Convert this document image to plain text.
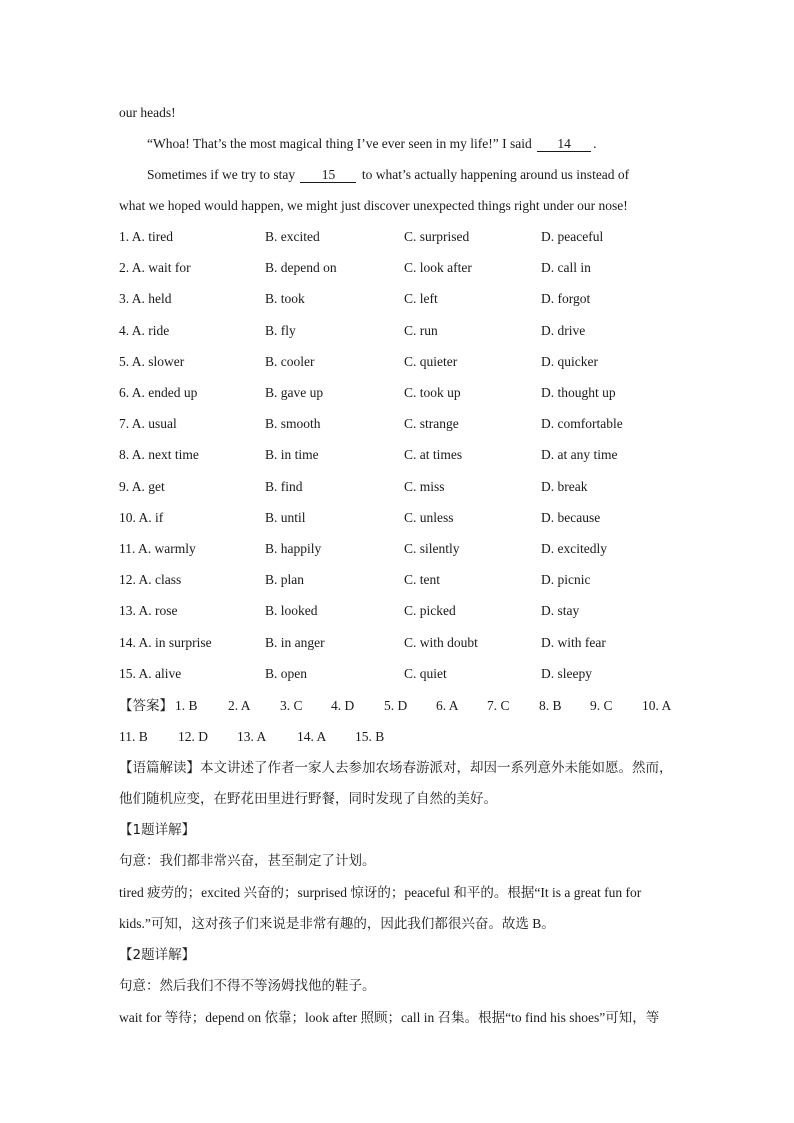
our heads!
“Whoa! That’s the most magical thing I’ve ever seen in my life!” I said 14 .
Sometimes if we try to stay 15 to what’s actually happening around us instead of
what we hoped would happen, we might just discover unexpected things right under our nose!
1. A. tired	B. excited	C. surprised	D. peaceful
2. A. wait for	B. depend on	C. look after	D. call in
3. A. held	B. took	C. left	D. forgot
4. A. ride	B. fly	C. run	D. drive
5. A. slower	B. cooler	C. quieter	D. quicker
6. A. ended up	B. gave up	C. took up	D. thought up
7. A. usual	B. smooth	C. strange	D. comfortable
8. A. next time	B. in time	C. at times	D. at any time
9. A. get	B. find	C. miss	D. break
10. A. if	B. until	C. unless	D. because
11. A. warmly	B. happily	C. silently	D. excitedly
12. A. class	B. plan	C. tent	D. picnic
13. A. rose	B. looked	C. picked	D. stay
14. A. in surprise	B. in anger	C. with doubt	D. with fear
15. A. alive	B. open	C. quiet	D. sleepy
【答案】 1. B 2. A 3. C 4. D 5. D 6. A 7. C 8. B 9. C 10. A
11. B 12. D 13. A 14. A 15. B
【语篇解读】本文讲述了作者一家人去参加农场春游派对，却因一系列意外未能如愿。然而，
他们随机应变，在野花田里进行野餐，同时发现了自然的美好。
【1题详解】
句意：我们都非常兴奋，甚至制定了计划。
tired 疲劳的；excited 兴奋的；surprised 惊讶的；peaceful 和平的。根据“It is a great fun for
kids.”可知，这对孩子们来说是非常有趣的，因此我们都很兴奋。故选 B。
【2题详解】
句意：然后我们不得不等汤姆找他的鞋子。
wait for 等待；depend on 依靠；look after 照顾；call in 召集。根据“to find his shoes”可知，等
